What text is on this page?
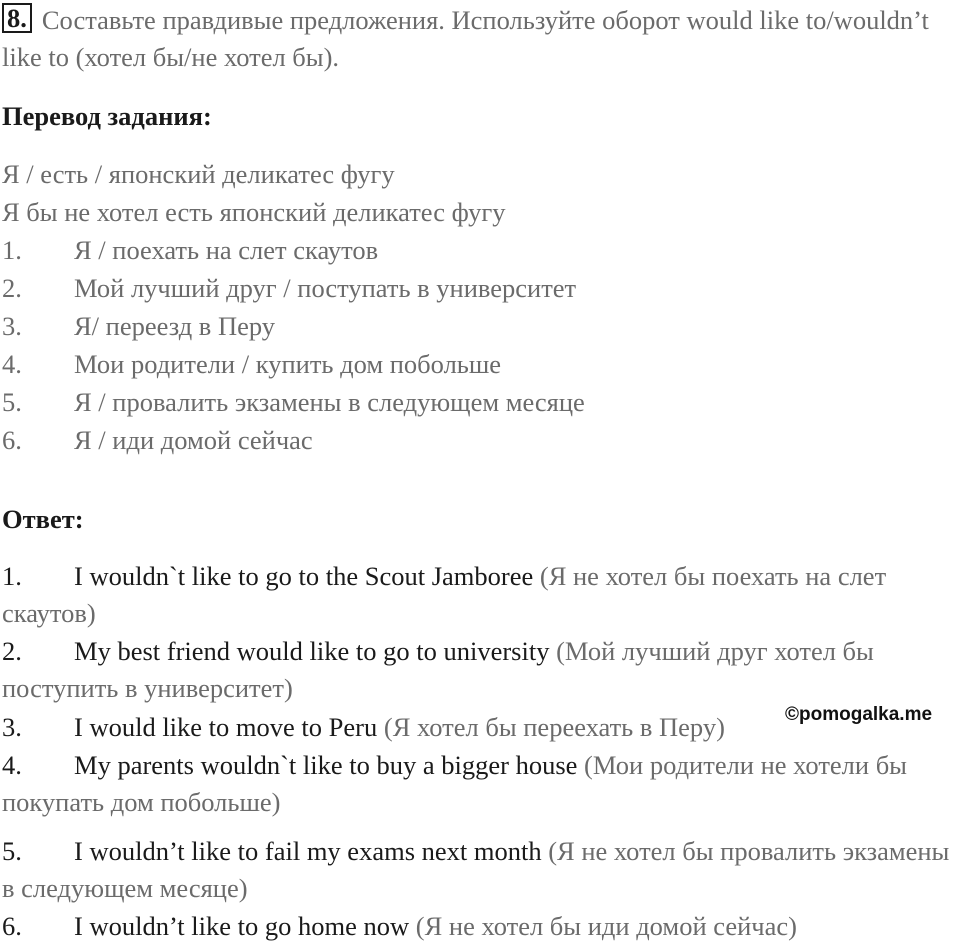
8. Составьте правдивые предложения. Используйте оборот would like to/wouldn’t like to (хотел бы/не хотел бы).
Перевод задания:
Я / есть / японский деликатес фугу
Я бы не хотел есть японский деликатес фугу
1. Я / поехать на слет скаутов
2. Мой лучший друг / поступать в университет
3. Я/ переезд в Перу
4. Мои родители / купить дом побольше
5. Я / провалить экзамены в следующем месяце
6. Я / иди домой сейчас
Ответ:
1. I wouldn`t like to go to the Scout Jamboree (Я не хотел бы поехать на слет скаутов)
2. My best friend would like to go to university (Мой лучший друг хотел бы поступить в университет)
3. I would like to move to Peru (Я хотел бы переехать в Перу)	©pomogalka.me
4. My parents wouldn`t like to buy a bigger house (Мои родители не хотели бы покупать дом побольше)
5. I wouldn’t like to fail my exams next month (Я не хотел бы провалить экзамены в следующем месяце)
6. I wouldn’t like to go home now (Я не хотел бы иди домой сейчас)
